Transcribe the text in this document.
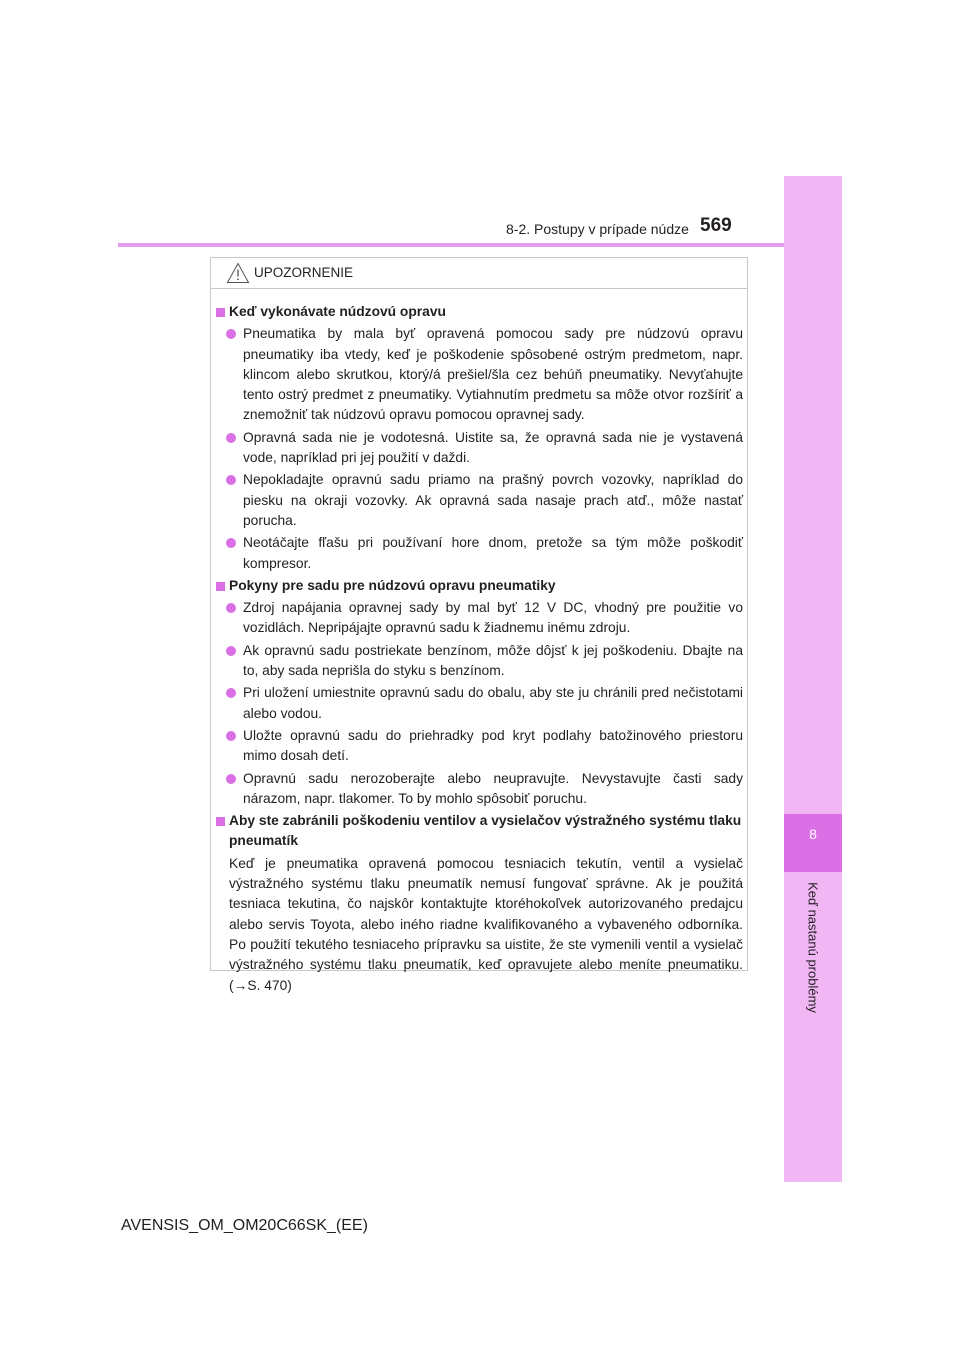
8
Keď nastanú problémy
8-2. Postupy v prípade núdze 569
UPOZORNENIE
Keď vykonávate núdzovú opravu
Pneumatika by mala byť opravená pomocou sady pre núdzovú opravu pneumatiky iba vtedy, keď je poškodenie spôsobené ostrým predmetom, napr. klincom alebo skrutkou, ktorý/á prešiel/šla cez behúň pneumatiky. Nevyťahujte tento ostrý predmet z pneumatiky. Vytiahnutím predmetu sa môže otvor rozšíriť a znemožniť tak núdzovú opravu pomocou opravnej sady.
Opravná sada nie je vodotesná. Uistite sa, že opravná sada nie je vystavená vode, napríklad pri jej použití v daždi.
Nepokladajte opravnú sadu priamo na prašný povrch vozovky, napríklad do piesku na okraji vozovky. Ak opravná sada nasaje prach atď., môže nastať porucha.
Neotáčajte fľašu pri používaní hore dnom, pretože sa tým môže poškodiť kompresor.
Pokyny pre sadu pre núdzovú opravu pneumatiky
Zdroj napájania opravnej sady by mal byť 12 V DC, vhodný pre použitie vo vozidlách. Nepripájajte opravnú sadu k žiadnemu inému zdroju.
Ak opravnú sadu postriekate benzínom, môže dôjsť k jej poškodeniu. Dbajte na to, aby sada neprišla do styku s benzínom.
Pri uložení umiestnite opravnú sadu do obalu, aby ste ju chránili pred nečistotami alebo vodou.
Uložte opravnú sadu do priehradky pod kryt podlahy batožinového priestoru mimo dosah detí.
Opravnú sadu nerozoberajte alebo neupravujte. Nevystavujte časti sady nárazom, napr. tlakomer. To by mohlo spôsobiť poruchu.
Aby ste zabránili poškodeniu ventilov a vysielačov výstražného systému tlaku pneumatík
Keď je pneumatika opravená pomocou tesniacich tekutín, ventil a vysielač výstražného systému tlaku pneumatík nemusí fungovať správne. Ak je použitá tesniaca tekutina, čo najskôr kontaktujte ktoréhokoľvek autorizovaného predajcu alebo servis Toyota, alebo iného riadne kvalifikovaného a vybaveného odborníka. Po použití tekutého tesniaceho prípravku sa uistite, že ste vymenili ventil a vysielač výstražného systému tlaku pneumatík, keď opravujete alebo meníte pneumatiku. (→S. 470)
AVENSIS_OM_OM20C66SK_(EE)
